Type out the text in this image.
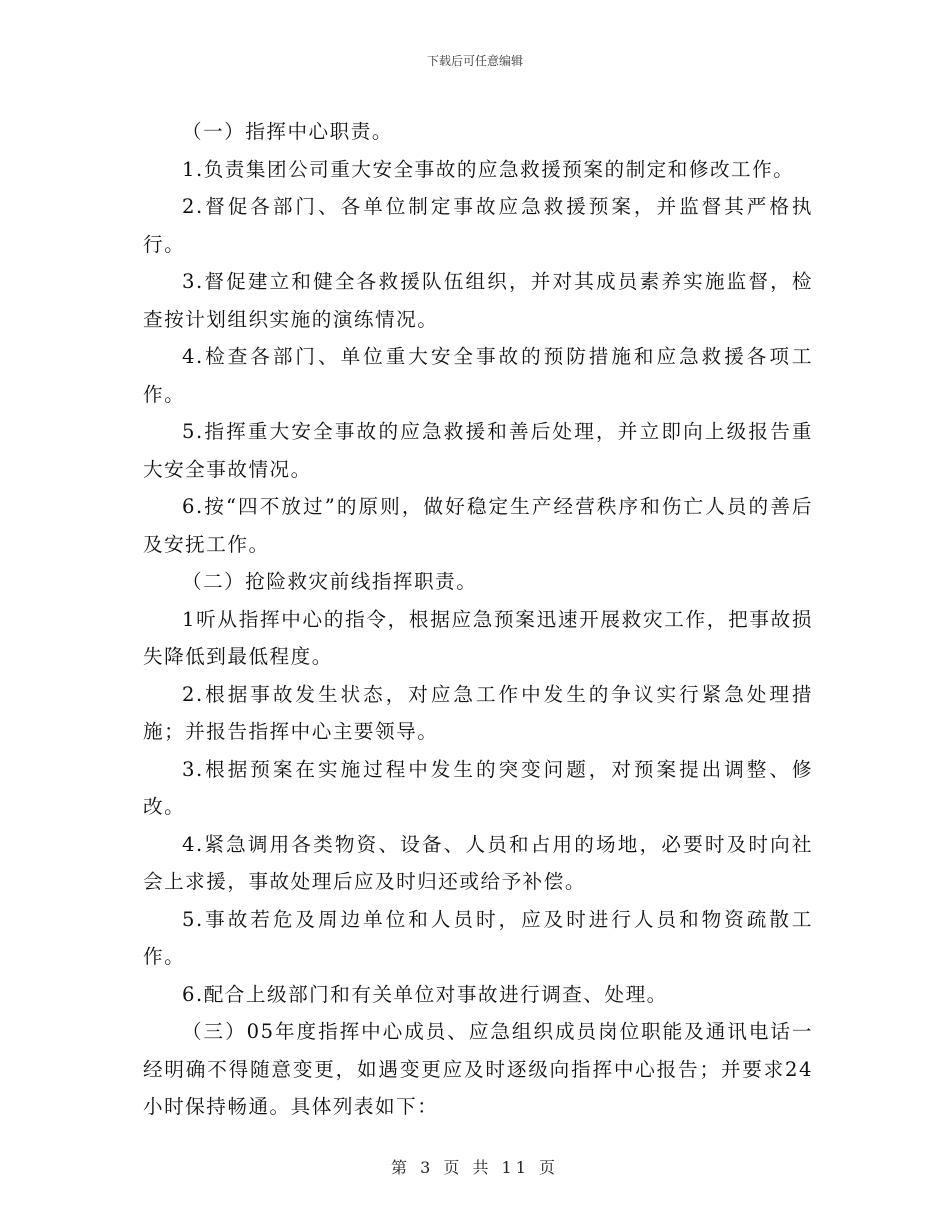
下载后可任意编辑

（一）指挥中心职责。

1.负责集团公司重大安全事故的应急救援预案的制定和修改工作。

2.督促各部门、各单位制定事故应急救援预案，并监督其严格执行。

3.督促建立和健全各救援队伍组织，并对其成员素养实施监督，检查按计划组织实施的演练情况。

4.检查各部门、单位重大安全事故的预防措施和应急救援各项工作。

5.指挥重大安全事故的应急救援和善后处理，并立即向上级报告重大安全事故情况。

6.按“四不放过”的原则，做好稳定生产经营秩序和伤亡人员的善后及安抚工作。

（二）抢险救灾前线指挥职责。

1听从指挥中心的指令，根据应急预案迅速开展救灾工作，把事故损失降低到最低程度。

2.根据事故发生状态，对应急工作中发生的争议实行紧急处理措施；并报告指挥中心主要领导。

3.根据预案在实施过程中发生的突变问题，对预案提出调整、修改。

4.紧急调用各类物资、设备、人员和占用的场地，必要时及时向社会上求援，事故处理后应及时归还或给予补偿。

5.事故若危及周边单位和人员时，应及时进行人员和物资疏散工作。

6.配合上级部门和有关单位对事故进行调查、处理。

（三）05年度指挥中心成员、应急组织成员岗位职能及通讯电话一经明确不得随意变更，如遇变更应及时逐级向指挥中心报告；并要求24小时保持畅通。具体列表如下：

第 3 页 共 11 页
